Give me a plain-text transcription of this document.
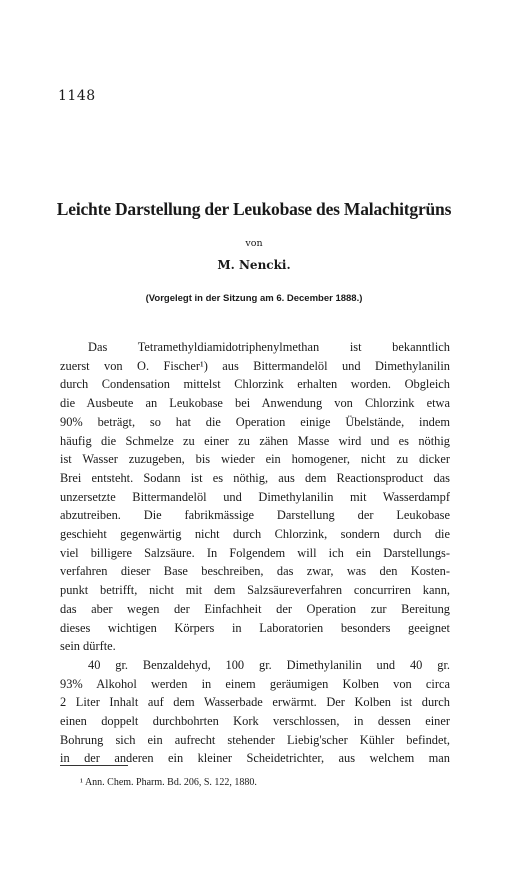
1148
Leichte Darstellung der Leukobase des Malachitgrüns
von
M. Nencki.
(Vorgelegt in der Sitzung am 6. December 1888.)
Das Tetramethyldiamidotriphenylmethan ist bekanntlich
zuerst von O. Fischer¹) aus Bittermandelöl und Dimethylanilin
durch Condensation mittelst Chlorzink erhalten worden. Obgleich
die Ausbeute an Leukobase bei Anwendung von Chlorzink etwa
90% beträgt, so hat die Operation einige Übelstände, indem
häufig die Schmelze zu einer zu zähen Masse wird und es nöthig
ist Wasser zuzugeben, bis wieder ein homogener, nicht zu dicker
Brei entsteht. Sodann ist es nöthig, aus dem Reactionsproduct das
unzersetzte Bittermandelöl und Dimethylanilin mit Wasserdampf
abzutreiben. Die fabrikmässige Darstellung der Leukobase
geschieht gegenwärtig nicht durch Chlorzink, sondern durch die
viel billigere Salzsäure. In Folgendem will ich ein Darstellungs-
verfahren dieser Base beschreiben, das zwar, was den Kosten-
punkt betrifft, nicht mit dem Salzsäureverfahren concurriren kann,
das aber wegen der Einfachheit der Operation zur Bereitung
dieses wichtigen Körpers in Laboratorien besonders geeignet
sein dürfte.
40 gr. Benzaldehyd, 100 gr. Dimethylanilin und 40 gr.
93% Alkohol werden in einem geräumigen Kolben von circa
2 Liter Inhalt auf dem Wasserbade erwärmt. Der Kolben ist durch
einen doppelt durchbohrten Kork verschlossen, in dessen einer
Bohrung sich ein aufrecht stehender Liebig'scher Kühler befindet,
in der anderen ein kleiner Scheidetrichter, aus welchem man
¹ Ann. Chem. Pharm. Bd. 206, S. 122, 1880.
